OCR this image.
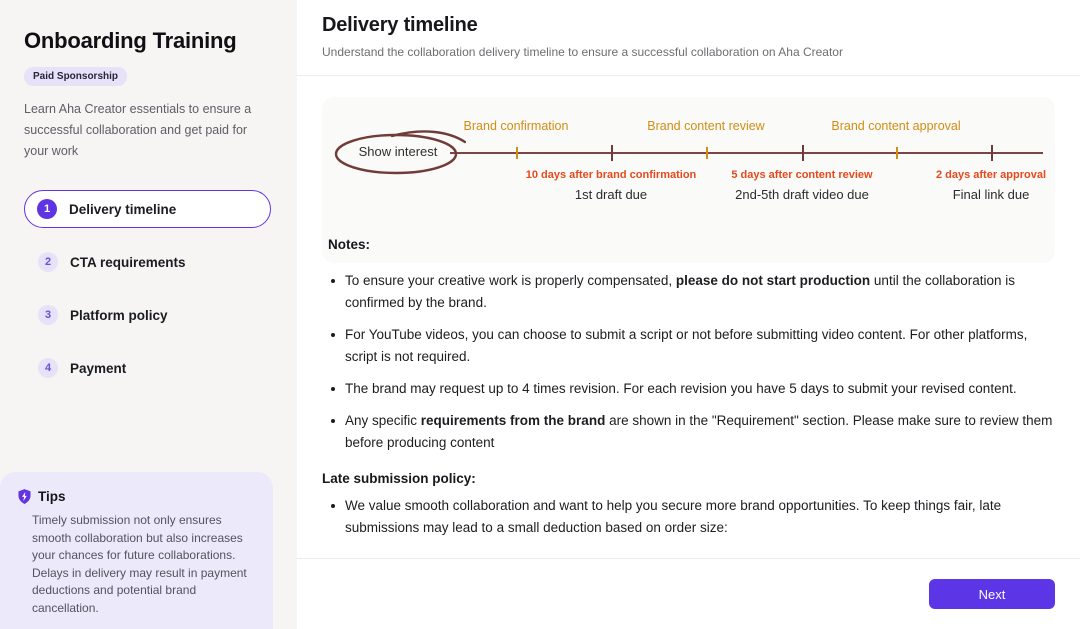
Onboarding Training
Paid Sponsorship
Learn Aha Creator essentials to ensure a successful collaboration and get paid for your work
1	Delivery timeline
2	CTA requirements
3	Platform policy
4	Payment
Tips
Timely submission not only ensures smooth collaboration but also increases your chances for future collaborations. Delays in delivery may result in payment deductions and potential brand cancellation.
Delivery timeline
Understand the collaboration delivery timeline to ensure a successful collaboration on Aha Creator
Show interest
Brand confirmation	Brand content review	Brand content approval
10 days after brand confirmation
1st draft due
5 days after content review
2nd-5th draft video due
2 days after approval
Final link due
Notes:
To ensure your creative work is properly compensated, please do not start production until the collaboration is confirmed by the brand.
For YouTube videos, you can choose to submit a script or not before submitting video content. For other platforms, script is not required.
The brand may request up to 4 times revision. For each revision you have 5 days to submit your revised content.
Any specific requirements from the brand are shown in the "Requirement" section. Please make sure to review them before producing content
Late submission policy:
We value smooth collaboration and want to help you secure more brand opportunities. To keep things fair, late submissions may lead to a small deduction based on order size:
Next
